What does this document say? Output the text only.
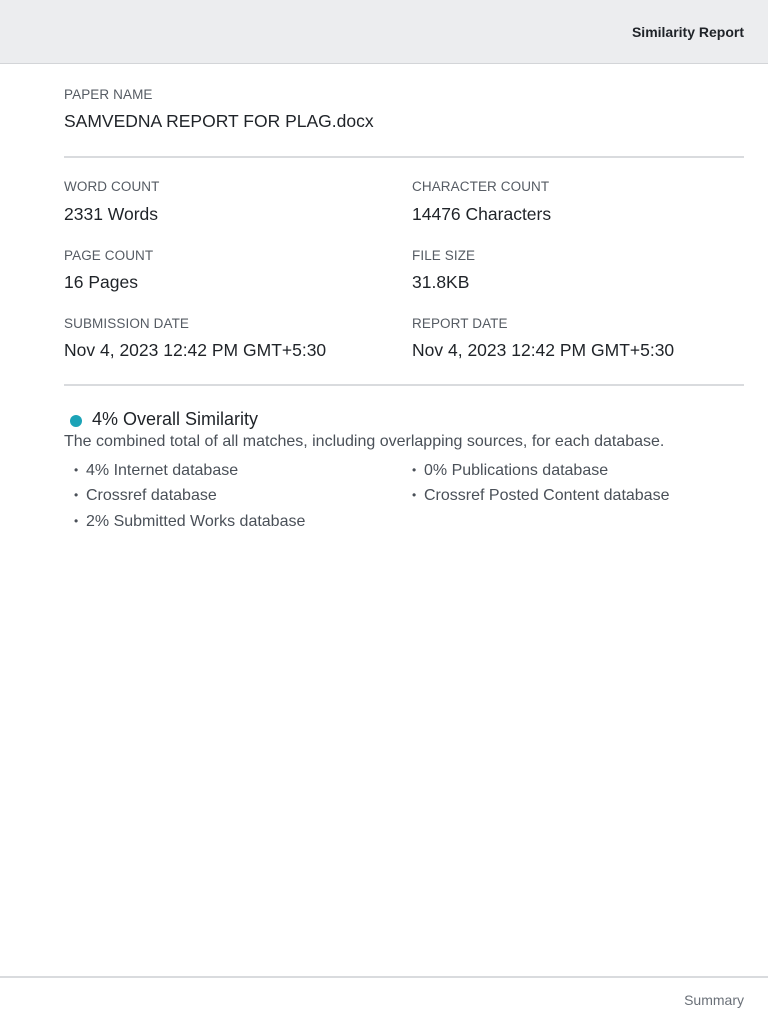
Similarity Report
PAPER NAME
SAMVEDNA REPORT FOR PLAG.docx
WORD COUNT
2331 Words
CHARACTER COUNT
14476 Characters
PAGE COUNT
16 Pages
FILE SIZE
31.8KB
SUBMISSION DATE
Nov 4, 2023 12:42 PM GMT+5:30
REPORT DATE
Nov 4, 2023 12:42 PM GMT+5:30
4% Overall Similarity
The combined total of all matches, including overlapping sources, for each database.
• 4% Internet database	• 0% Publications database
• Crossref database	• Crossref Posted Content database
• 2% Submitted Works database
Summary
